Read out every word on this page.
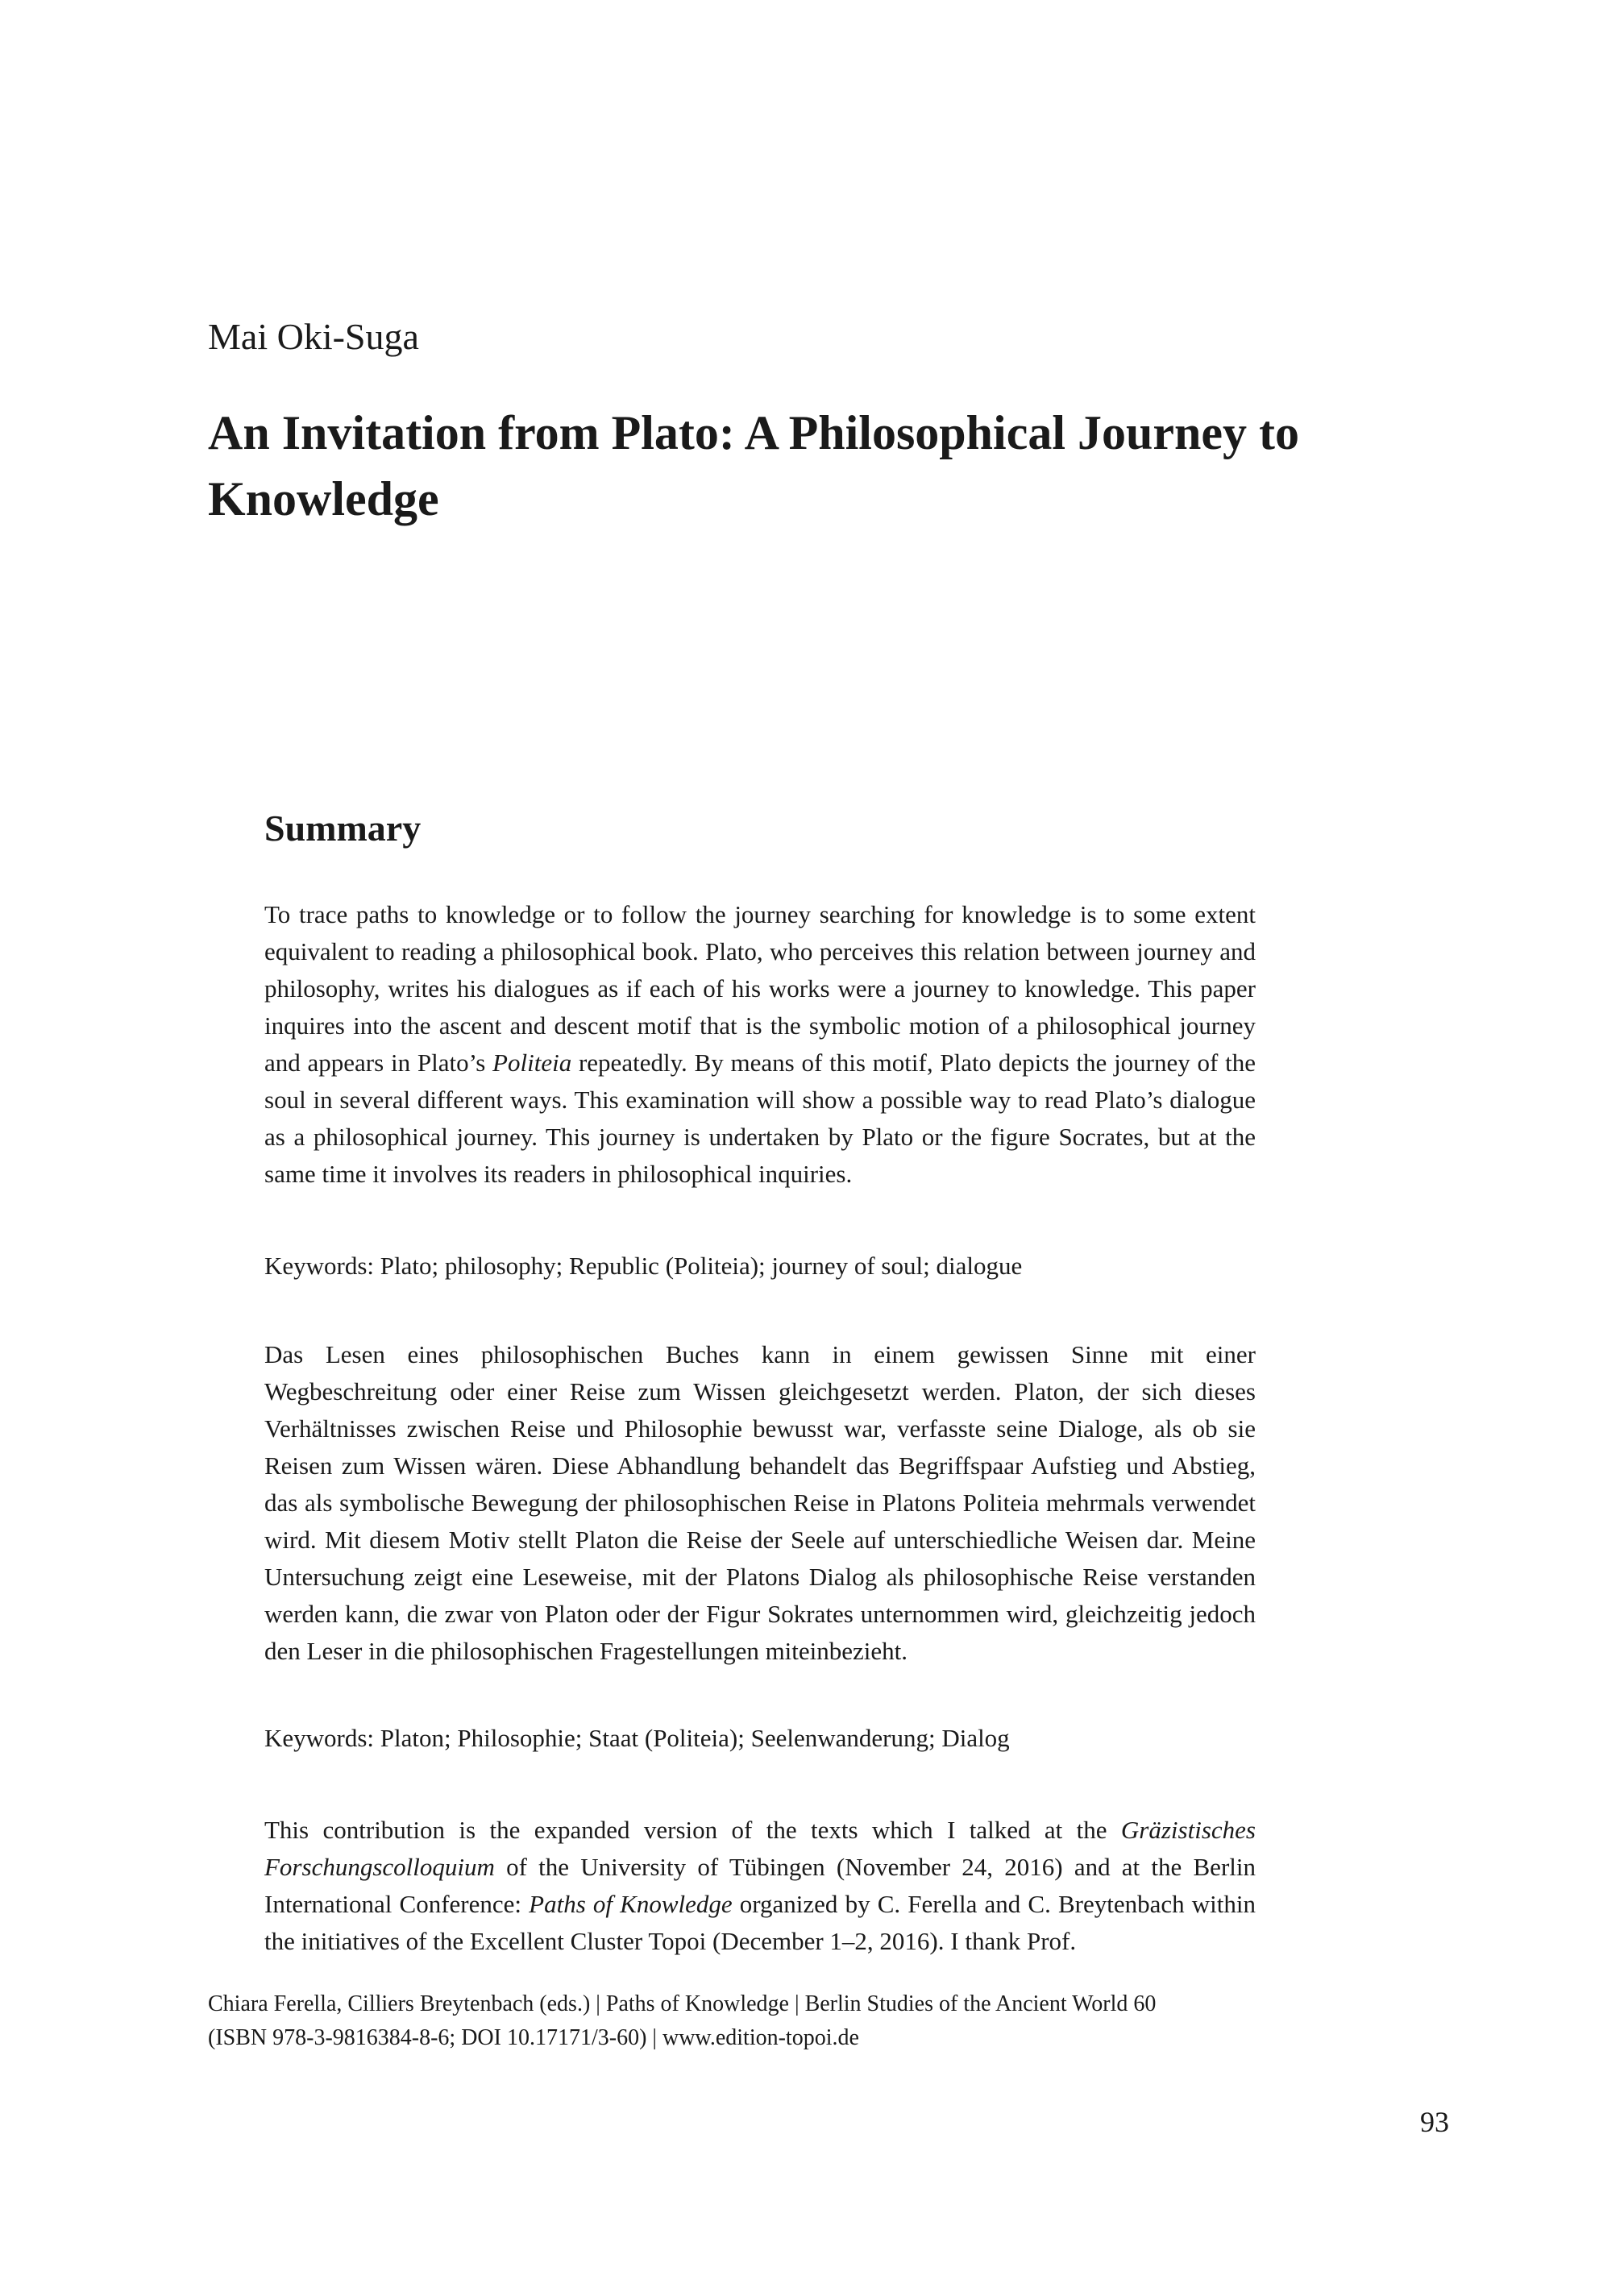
Mai Oki-Suga
An Invitation from Plato: A Philosophical Journey to Knowledge
Summary

To trace paths to knowledge or to follow the journey searching for knowledge is to some extent equivalent to reading a philosophical book. Plato, who perceives this relation between journey and philosophy, writes his dialogues as if each of his works were a journey to knowledge. This paper inquires into the ascent and descent motif that is the symbolic motion of a philosophical journey and appears in Plato’s Politeia repeatedly. By means of this motif, Plato depicts the journey of the soul in several different ways. This examination will show a possible way to read Plato’s dialogue as a philosophical journey. This journey is undertaken by Plato or the figure Socrates, but at the same time it involves its readers in philosophical inquiries.

Keywords: Plato; philosophy; Republic (Politeia); journey of soul; dialogue

Das Lesen eines philosophischen Buches kann in einem gewissen Sinne mit einer Wegbeschreitung oder einer Reise zum Wissen gleichgesetzt werden. Platon, der sich dieses Verhältnisses zwischen Reise und Philosophie bewusst war, verfasste seine Dialoge, als ob sie Reisen zum Wissen wären. Diese Abhandlung behandelt das Begriffspaar Aufstieg und Abstieg, das als symbolische Bewegung der philosophischen Reise in Platons Politeia mehrmals verwendet wird. Mit diesem Motiv stellt Platon die Reise der Seele auf unterschiedliche Weisen dar. Meine Untersuchung zeigt eine Leseweise, mit der Platons Dialog als philosophische Reise verstanden werden kann, die zwar von Platon oder der Figur Sokrates unternommen wird, gleichzeitig jedoch den Leser in die philosophischen Fragestellungen miteinbezieht.

Keywords: Platon; Philosophie; Staat (Politeia); Seelenwanderung; Dialog

This contribution is the expanded version of the texts which I talked at the Gräzistisches Forschungscolloquium of the University of Tübingen (November 24, 2016) and at the Berlin International Conference: Paths of Knowledge organized by C. Ferella and C. Breytenbach within the initiatives of the Excellent Cluster Topoi (December 1–2, 2016). I thank Prof.

Chiara Ferella, Cilliers Breytenbach (eds.) | Paths of Knowledge | Berlin Studies of the Ancient World 60
(ISBN 978-3-9816384-8-6; DOI 10.17171/3-60) | www.edition-topoi.de
93
